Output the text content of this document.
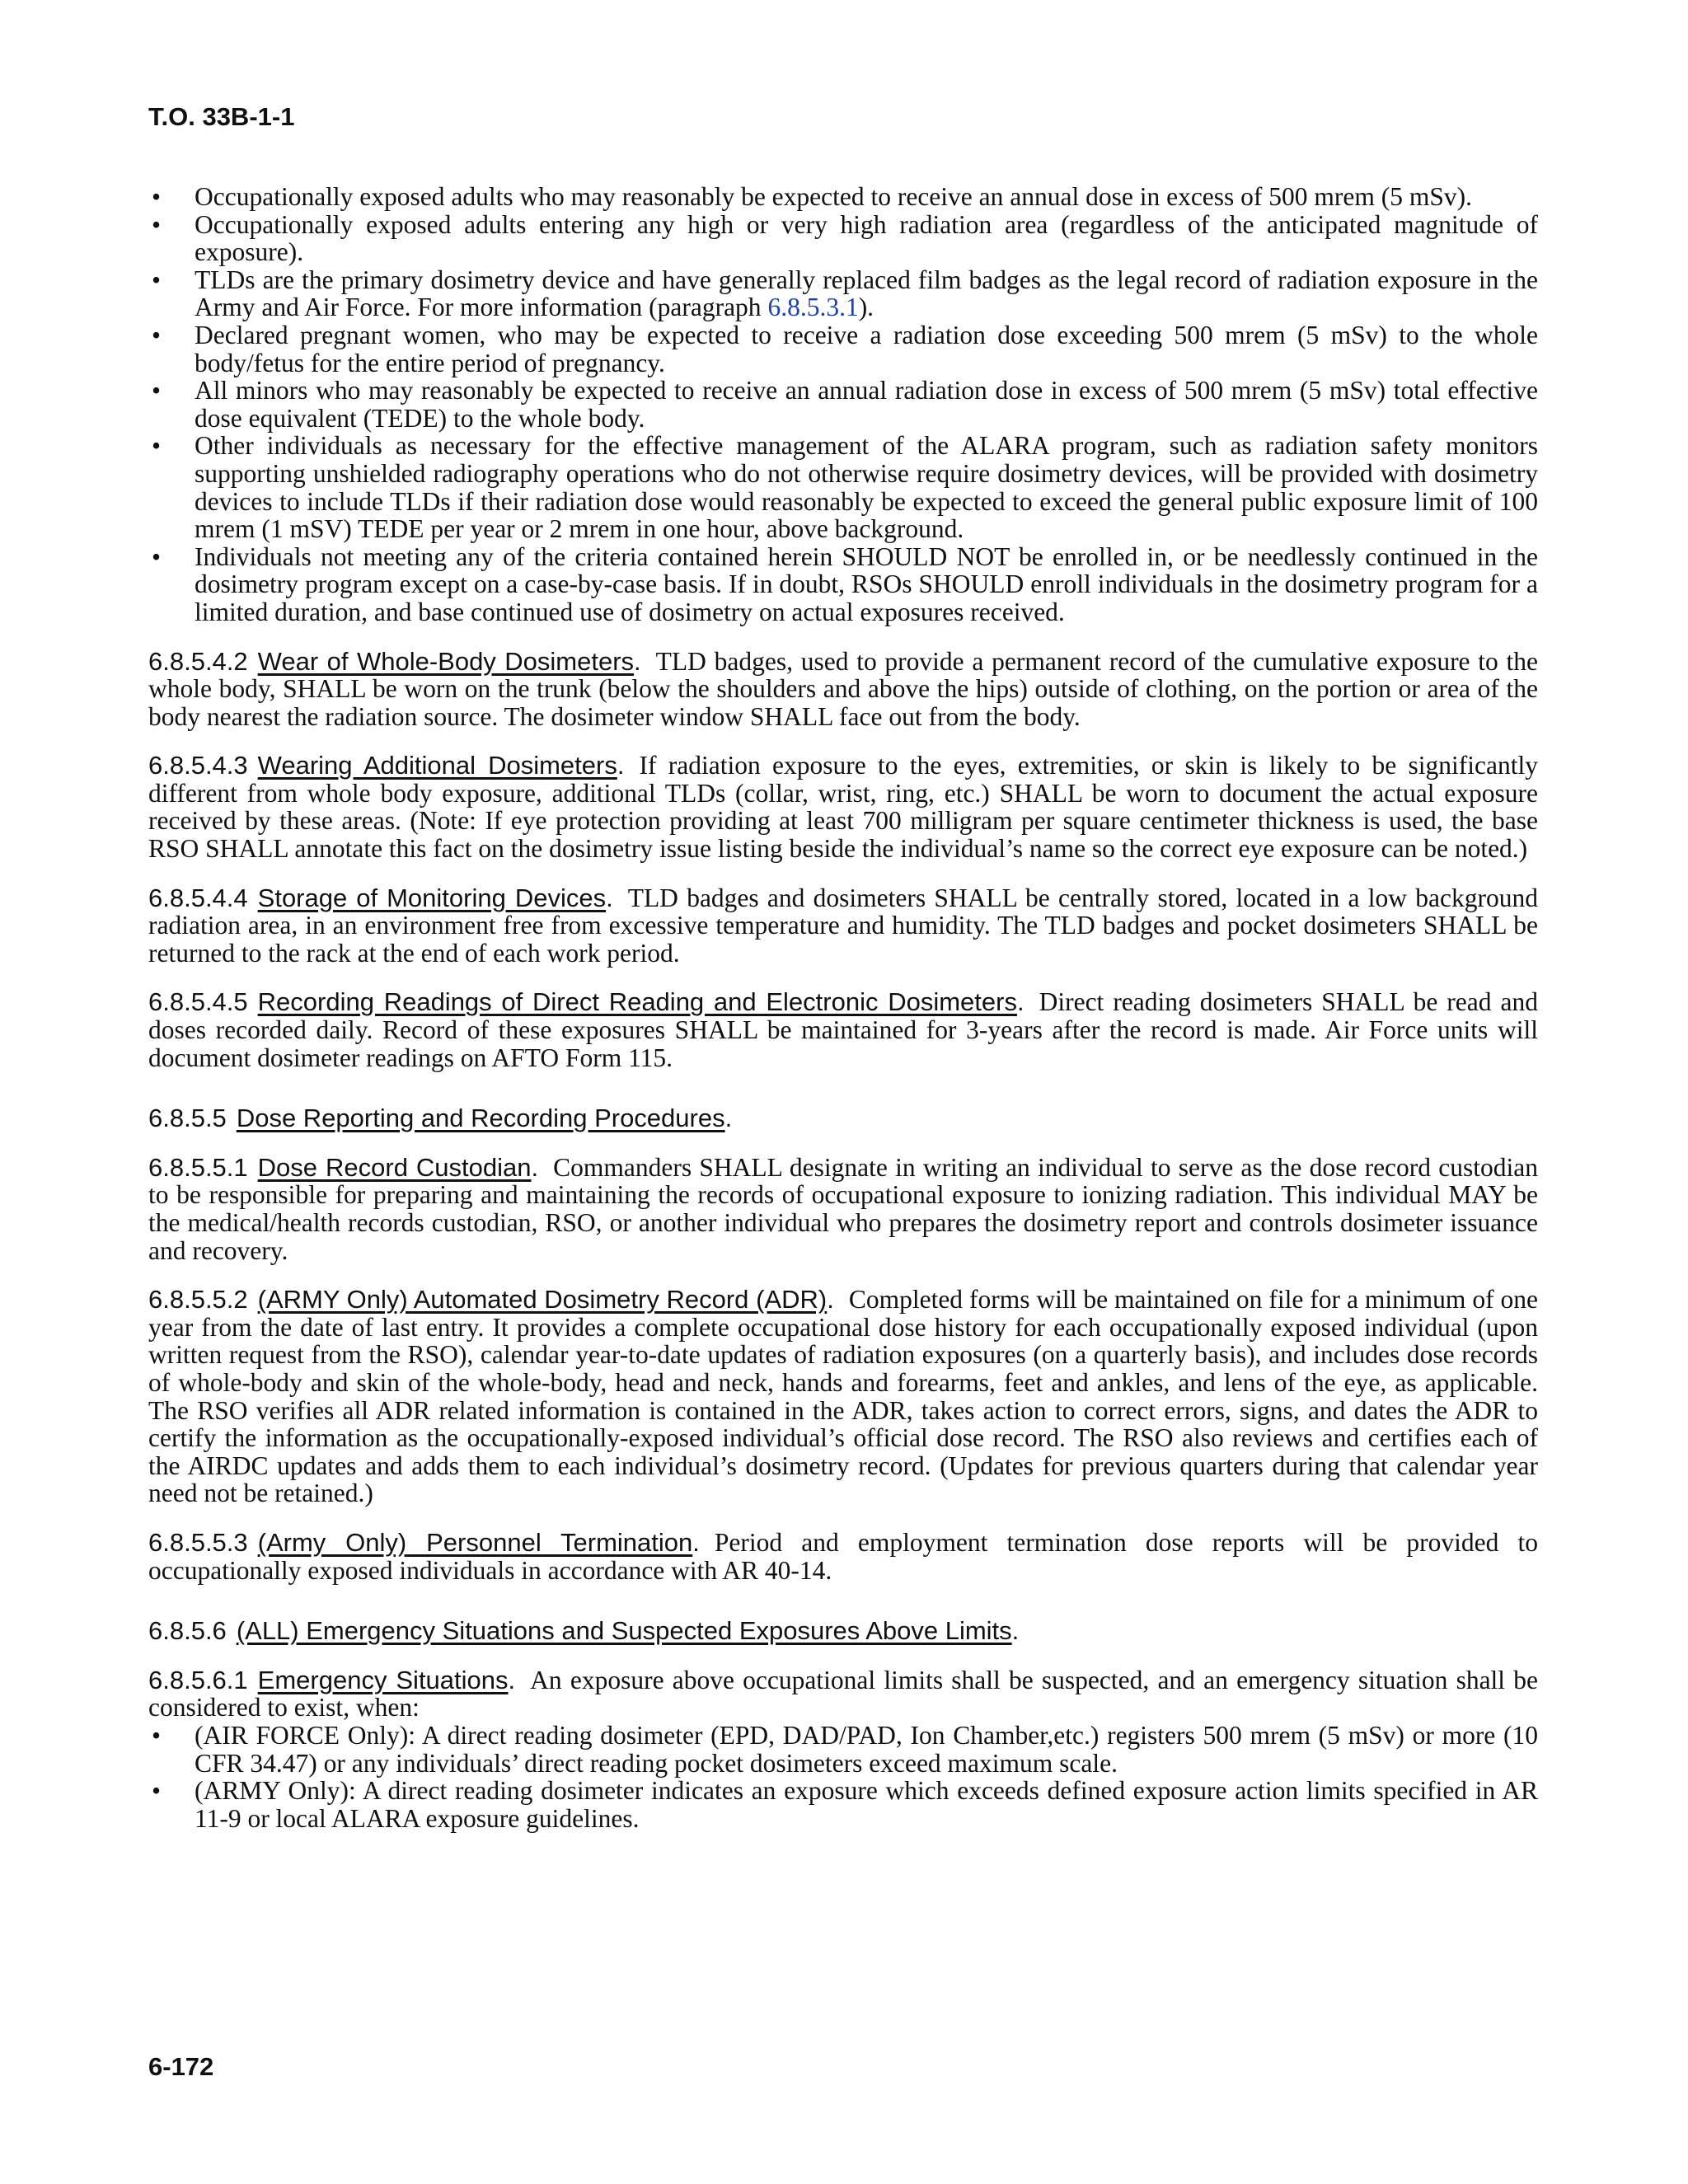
T.O. 33B-1-1
• Occupationally exposed adults who may reasonably be expected to receive an annual dose in excess of 500 mrem (5 mSv).
• Occupationally exposed adults entering any high or very high radiation area (regardless of the anticipated magnitude of exposure).
• TLDs are the primary dosimetry device and have generally replaced film badges as the legal record of radiation exposure in the Army and Air Force. For more information (paragraph 6.8.5.3.1).
• Declared pregnant women, who may be expected to receive a radiation dose exceeding 500 mrem (5 mSv) to the whole body/fetus for the entire period of pregnancy.
• All minors who may reasonably be expected to receive an annual radiation dose in excess of 500 mrem (5 mSv) total effective dose equivalent (TEDE) to the whole body.
• Other individuals as necessary for the effective management of the ALARA program, such as radiation safety monitors supporting unshielded radiography operations who do not otherwise require dosimetry devices, will be provided with dosimetry devices to include TLDs if their radiation dose would reasonably be expected to exceed the general public exposure limit of 100 mrem (1 mSV) TEDE per year or 2 mrem in one hour, above background.
• Individuals not meeting any of the criteria contained herein SHOULD NOT be enrolled in, or be needlessly continued in the dosimetry program except on a case-by-case basis. If in doubt, RSOs SHOULD enroll individuals in the dosimetry program for a limited duration, and base continued use of dosimetry on actual exposures received.

6.8.5.4.2 Wear of Whole-Body Dosimeters. TLD badges, used to provide a permanent record of the cumulative exposure to the whole body, SHALL be worn on the trunk (below the shoulders and above the hips) outside of clothing, on the portion or area of the body nearest the radiation source. The dosimeter window SHALL face out from the body.

6.8.5.4.3 Wearing Additional Dosimeters. If radiation exposure to the eyes, extremities, or skin is likely to be significantly different from whole body exposure, additional TLDs (collar, wrist, ring, etc.) SHALL be worn to document the actual exposure received by these areas. (Note: If eye protection providing at least 700 milligram per square centimeter thickness is used, the base RSO SHALL annotate this fact on the dosimetry issue listing beside the individual’s name so the correct eye exposure can be noted.)

6.8.5.4.4 Storage of Monitoring Devices. TLD badges and dosimeters SHALL be centrally stored, located in a low background radiation area, in an environment free from excessive temperature and humidity. The TLD badges and pocket dosimeters SHALL be returned to the rack at the end of each work period.

6.8.5.4.5 Recording Readings of Direct Reading and Electronic Dosimeters. Direct reading dosimeters SHALL be read and doses recorded daily. Record of these exposures SHALL be maintained for 3-years after the record is made. Air Force units will document dosimeter readings on AFTO Form 115.

6.8.5.5 Dose Reporting and Recording Procedures.

6.8.5.5.1 Dose Record Custodian. Commanders SHALL designate in writing an individual to serve as the dose record custodian to be responsible for preparing and maintaining the records of occupational exposure to ionizing radiation. This individual MAY be the medical/health records custodian, RSO, or another individual who prepares the dosimetry report and controls dosimeter issuance and recovery.

6.8.5.5.2 (ARMY Only) Automated Dosimetry Record (ADR). Completed forms will be maintained on file for a minimum of one year from the date of last entry. It provides a complete occupational dose history for each occupationally exposed individual (upon written request from the RSO), calendar year-to-date updates of radiation exposures (on a quarterly basis), and includes dose records of whole-body and skin of the whole-body, head and neck, hands and forearms, feet and ankles, and lens of the eye, as applicable. The RSO verifies all ADR related information is contained in the ADR, takes action to correct errors, signs, and dates the ADR to certify the information as the occupationally-exposed individual’s official dose record. The RSO also reviews and certifies each of the AIRDC updates and adds them to each individual’s dosimetry record. (Updates for previous quarters during that calendar year need not be retained.)

6.8.5.5.3 (Army Only) Personnel Termination. Period and employment termination dose reports will be provided to occupationally exposed individuals in accordance with AR 40-14.

6.8.5.6 (ALL) Emergency Situations and Suspected Exposures Above Limits.

6.8.5.6.1 Emergency Situations. An exposure above occupational limits shall be suspected, and an emergency situation shall be considered to exist, when:

• (AIR FORCE Only): A direct reading dosimeter (EPD, DAD/PAD, Ion Chamber,etc.) registers 500 mrem (5 mSv) or more (10 CFR 34.47) or any individuals’ direct reading pocket dosimeters exceed maximum scale.
• (ARMY Only): A direct reading dosimeter indicates an exposure which exceeds defined exposure action limits specified in AR 11-9 or local ALARA exposure guidelines.
6-172
